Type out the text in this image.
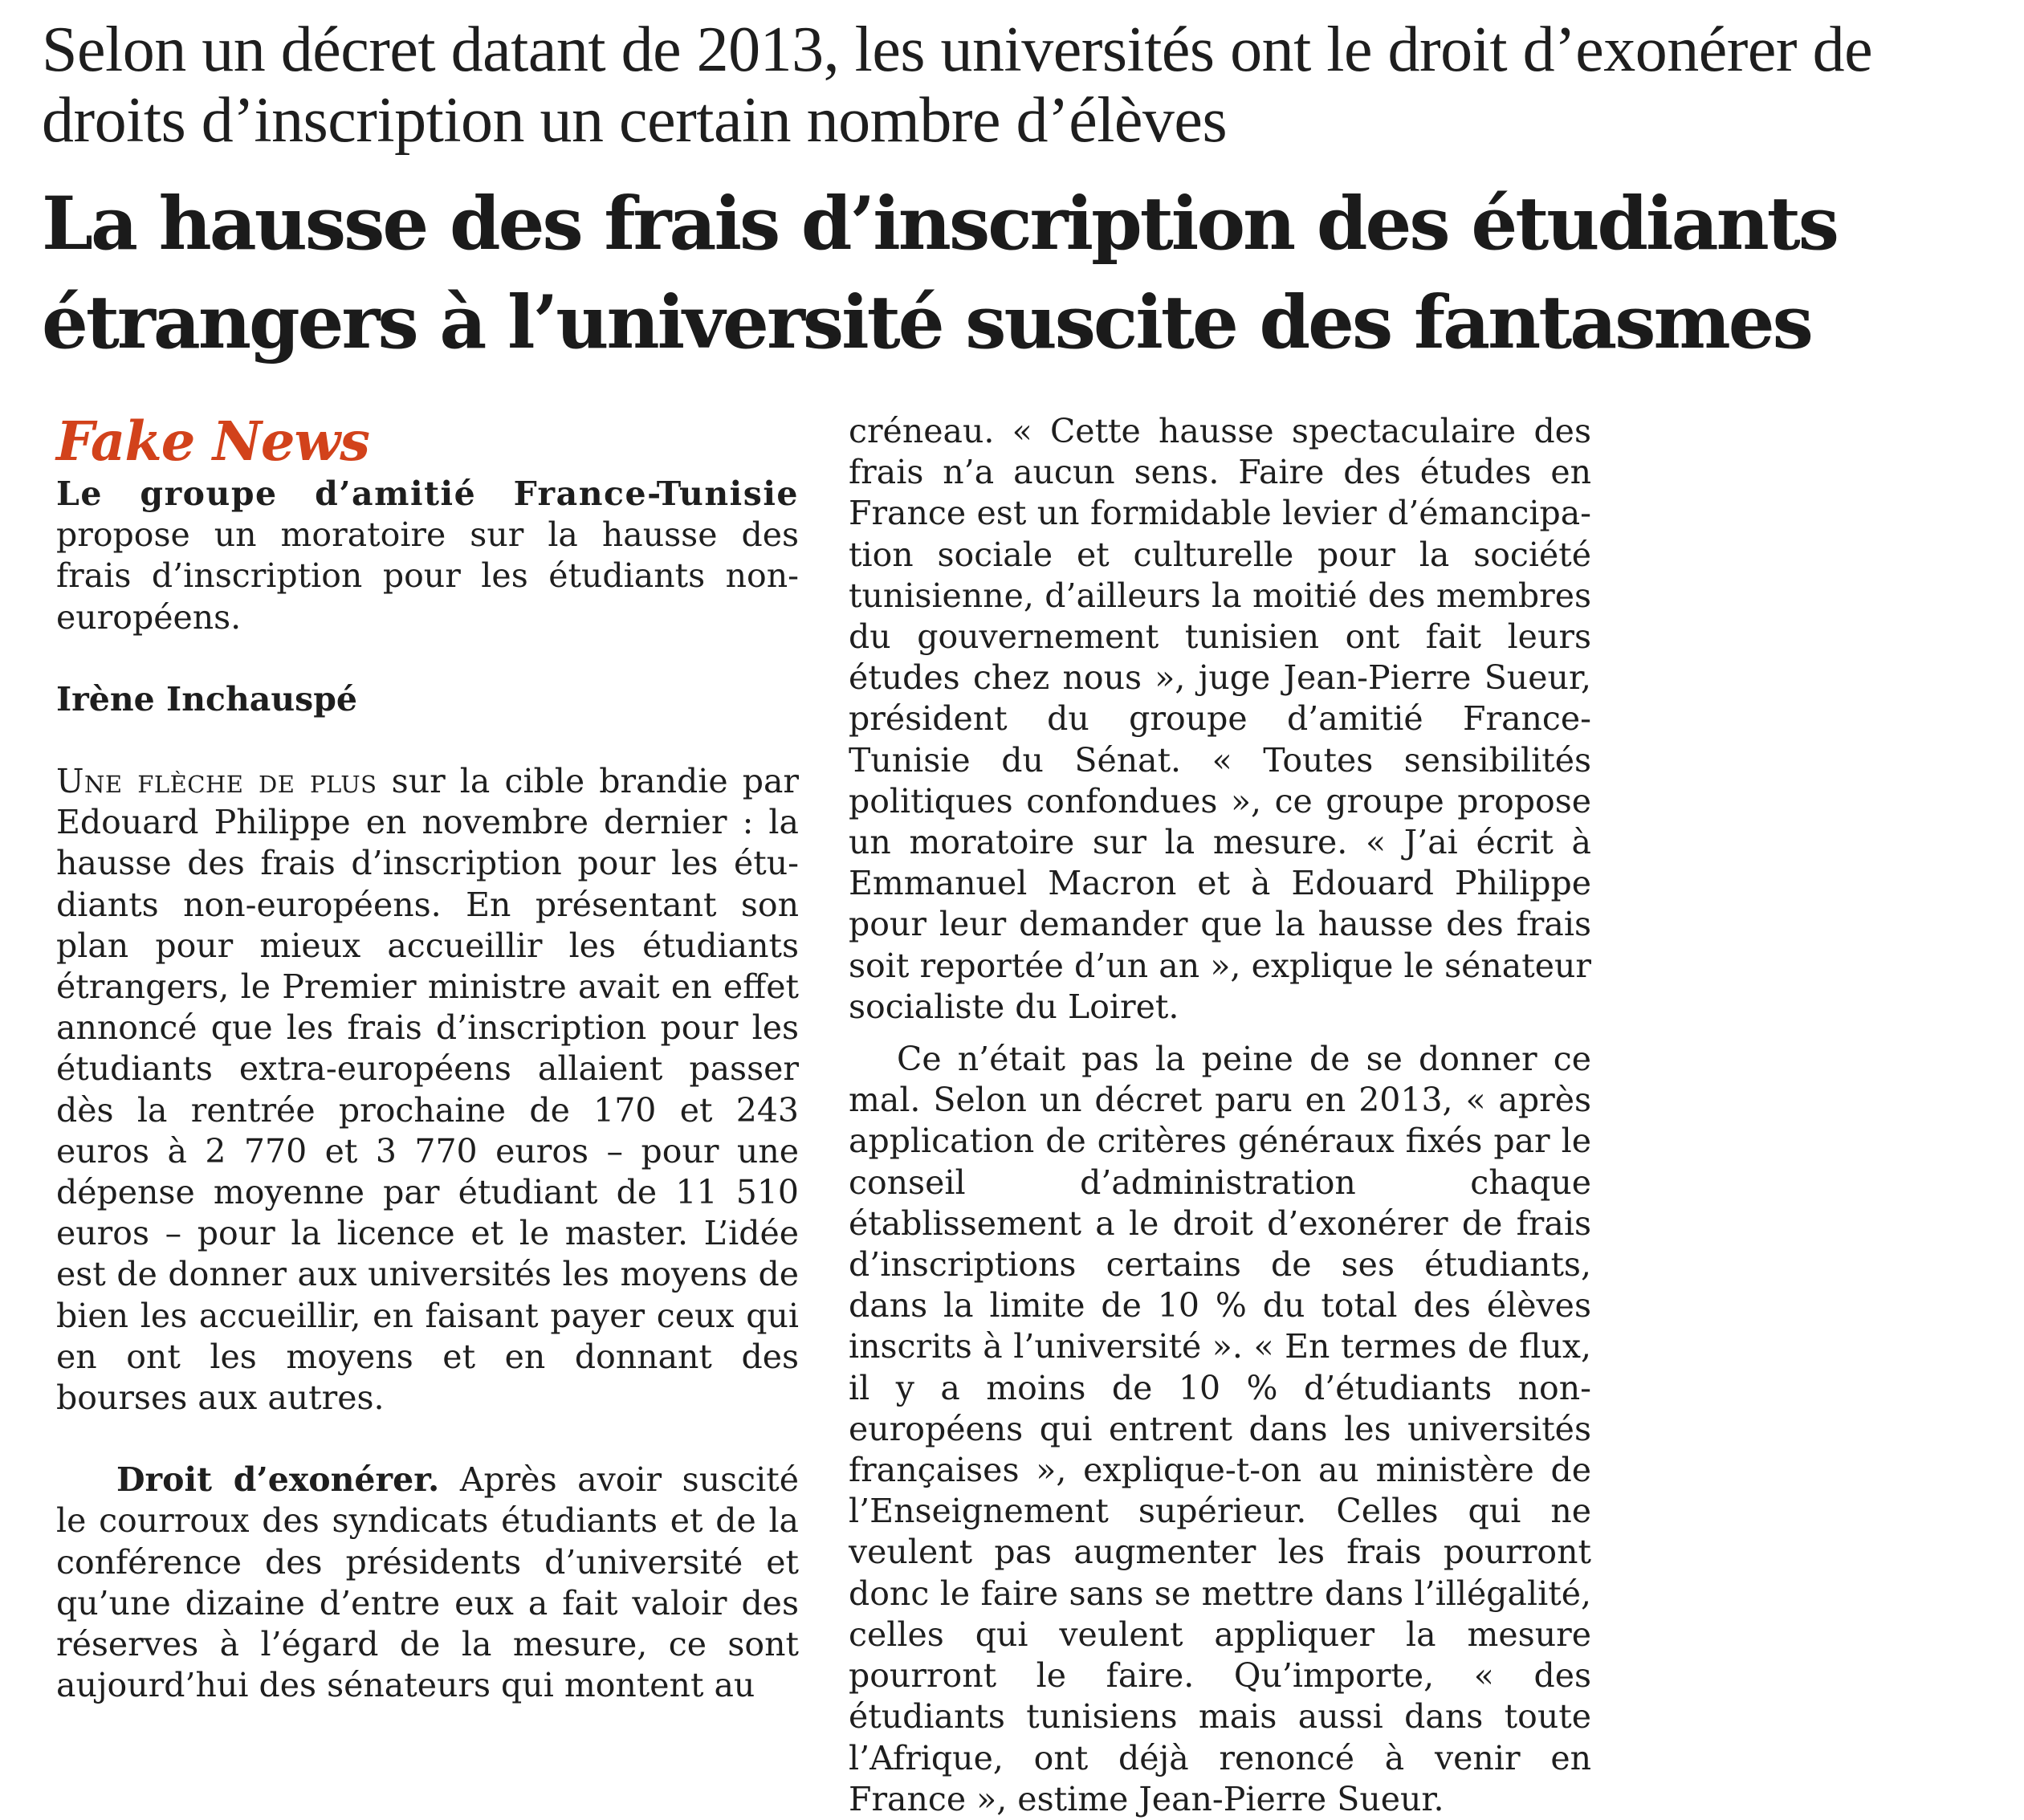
Selon un décret datant de 2013, les universités ont le droit d’exonérer de droits d’inscription un certain nombre d’élèves
La hausse des frais d’inscription des étudiants étrangers à l’université suscite des fantasmes

Fake News

Le groupe d’amitié France-Tunisie propose un moratoire sur la hausse des frais d’inscription pour les étudiants non-européens.

Irène Inchauspé

Une flèche de plus sur la cible brandie par Edouard Philippe en novembre dernier : la hausse des frais d’inscription pour les étudiants non-européens. En présentant son plan pour mieux accueillir les étudiants étrangers, le Premier ministre avait en effet annoncé que les frais d’inscription pour les étudiants extra-européens allaient passer dès la rentrée prochaine de 170 et 243 euros à 2 770 et 3 770 euros – pour une dépense moyenne par étudiant de 11 510 euros – pour la licence et le master. L’idée est de donner aux universités les moyens de bien les accueillir, en faisant payer ceux qui en ont les moyens et en donnant des bourses aux autres.

Droit d’exonérer. Après avoir suscité le courroux des syndicats étudiants et de la conférence des présidents d’université et qu’une dizaine d’entre eux a fait valoir des réserves à l’égard de la mesure, ce sont aujourd’hui des sénateurs qui montent au

créneau. « Cette hausse spectaculaire des frais n’a aucun sens. Faire des études en France est un formidable levier d’émancipation sociale et culturelle pour la société tunisienne, d’ailleurs la moitié des membres du gouvernement tunisien ont fait leurs études chez nous », juge Jean-Pierre Sueur, président du groupe d’amitié France-Tunisie du Sénat. « Toutes sensibilités politiques confondues », ce groupe propose un moratoire sur la mesure. « J’ai écrit à Emmanuel Macron et à Edouard Philippe pour leur demander que la hausse des frais soit reportée d’un an », explique le sénateur socialiste du Loiret.

Ce n’était pas la peine de se donner ce mal. Selon un décret paru en 2013, « après application de critères généraux fixés par le conseil d’administration chaque établissement a le droit d’exonérer de frais d’inscriptions certains de ses étudiants, dans la limite de 10 % du total des élèves inscrits à l’université ». « En termes de flux, il y a moins de 10 % d’étudiants non-européens qui entrent dans les universités françaises », explique-t-on au ministère de l’Enseignement supérieur. Celles qui ne veulent pas augmenter les frais pourront donc le faire sans se mettre dans l’illégalité, celles qui veulent appliquer la mesure pourront le faire. Qu’importe, « des étudiants tunisiens mais aussi dans toute l’Afrique, ont déjà renoncé à venir en France », estime Jean-Pierre Sueur.
